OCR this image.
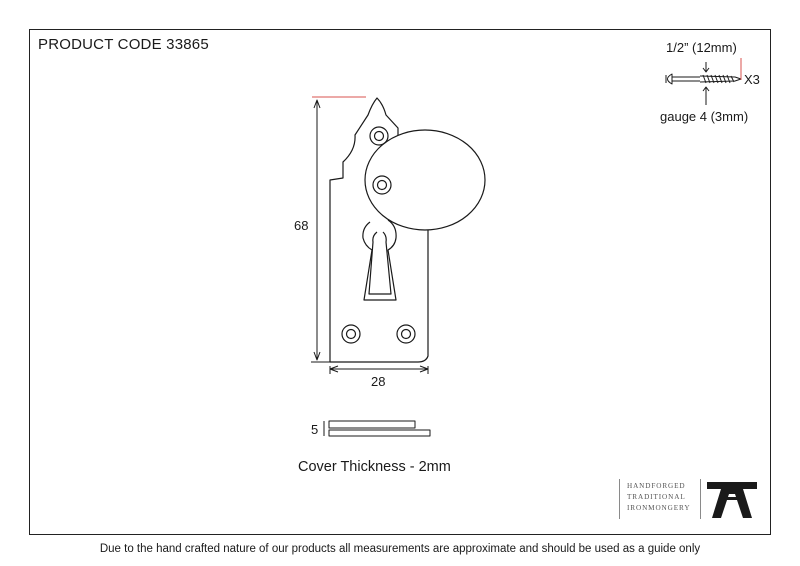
PRODUCT CODE 33865	1/2” (12mm)
X3
gauge 4 (3mm)
68
28
5
Cover Thickness - 2mm
HANDFORGED
TRADITIONAL
IRONMONGERY
Due to the hand crafted nature of our products all measurements are approximate and should be used as a guide only
